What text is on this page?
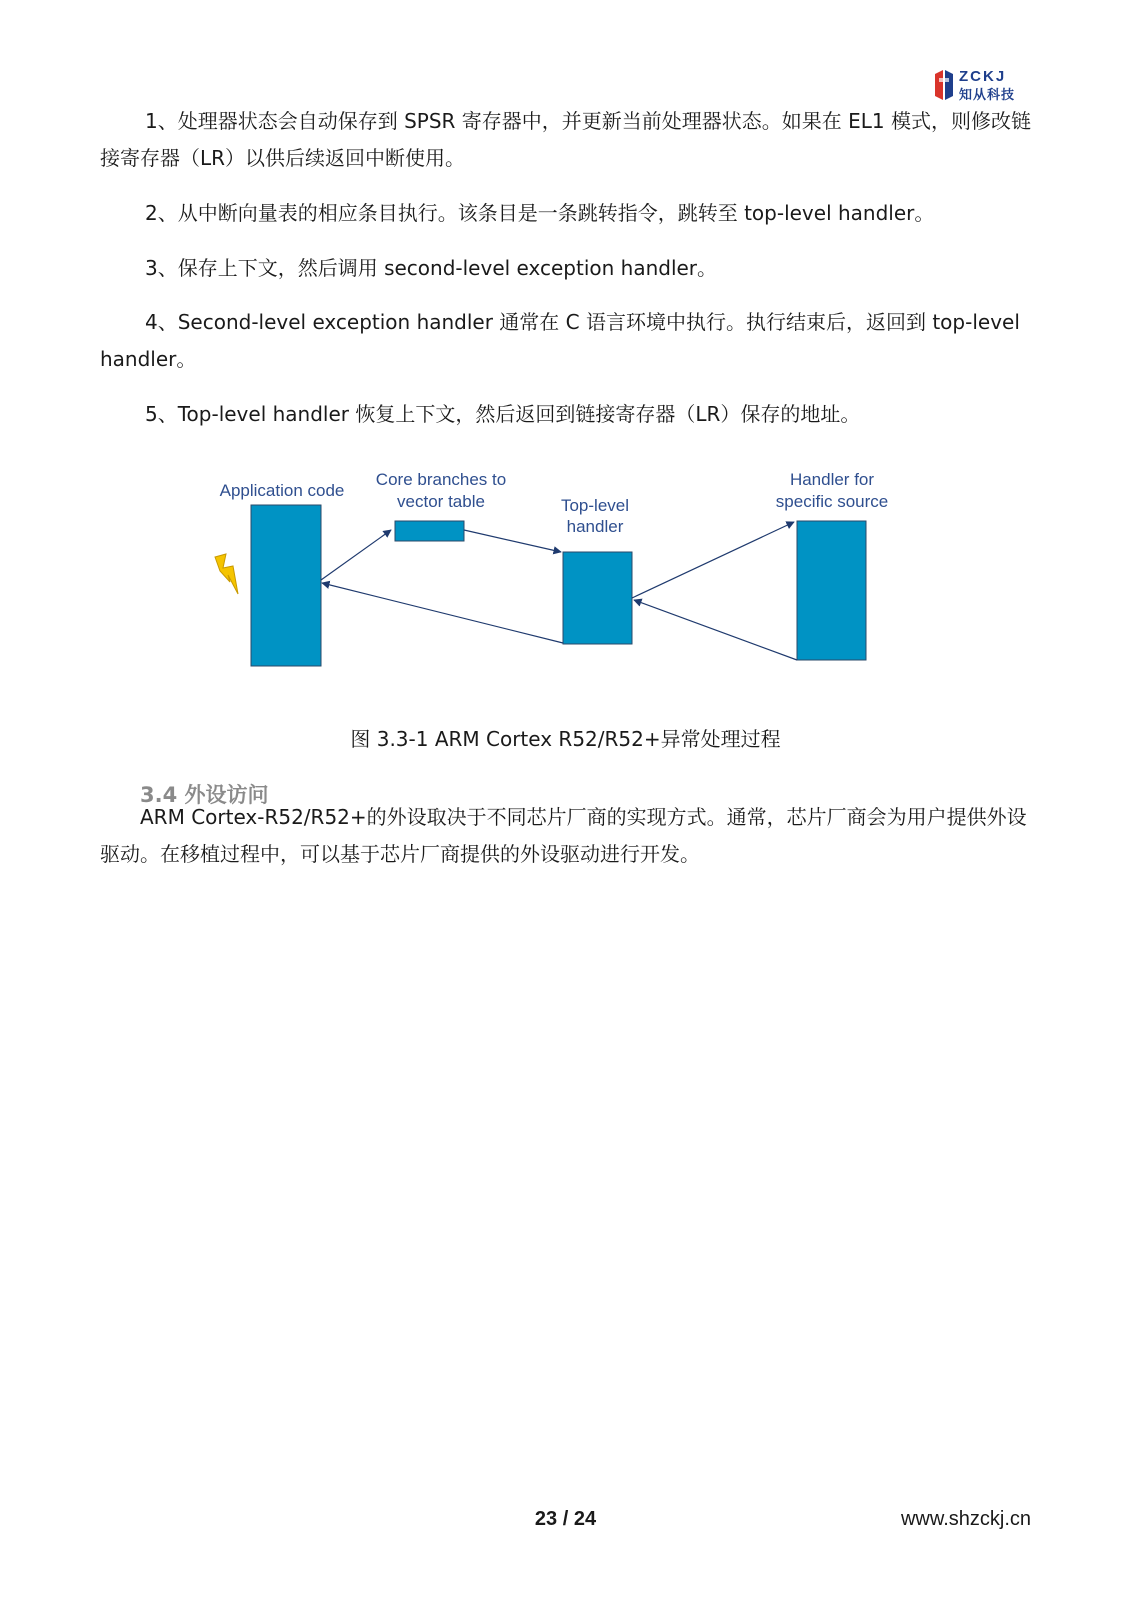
ZCKJ
知从科技

1、处理器状态会自动保存到 SPSR 寄存器中，并更新当前处理器状态。如果在 EL1 模式，则修改链接寄存器（LR）以供后续返回中断使用。

2、从中断向量表的相应条目执行。该条目是一条跳转指令，跳转至 top-level handler。

3、保存上下文，然后调用 second-level exception handler。

4、Second-level exception handler 通常在 C 语言环境中执行。执行结束后，返回到 top-level handler。

5、Top-level handler 恢复上下文，然后返回到链接寄存器（LR）保存的地址。

Application code
Core branches to
vector table	Top-level
handler
Handler for
specific source

图 3.3-1 ARM Cortex R52/R52+异常处理过程

3.4 外设访问

ARM Cortex-R52/R52+的外设取决于不同芯片厂商的实现方式。通常，芯片厂商会为用户提供外设驱动。在移植过程中，可以基于芯片厂商提供的外设驱动进行开发。

23 / 24	www.shzckj.cn
